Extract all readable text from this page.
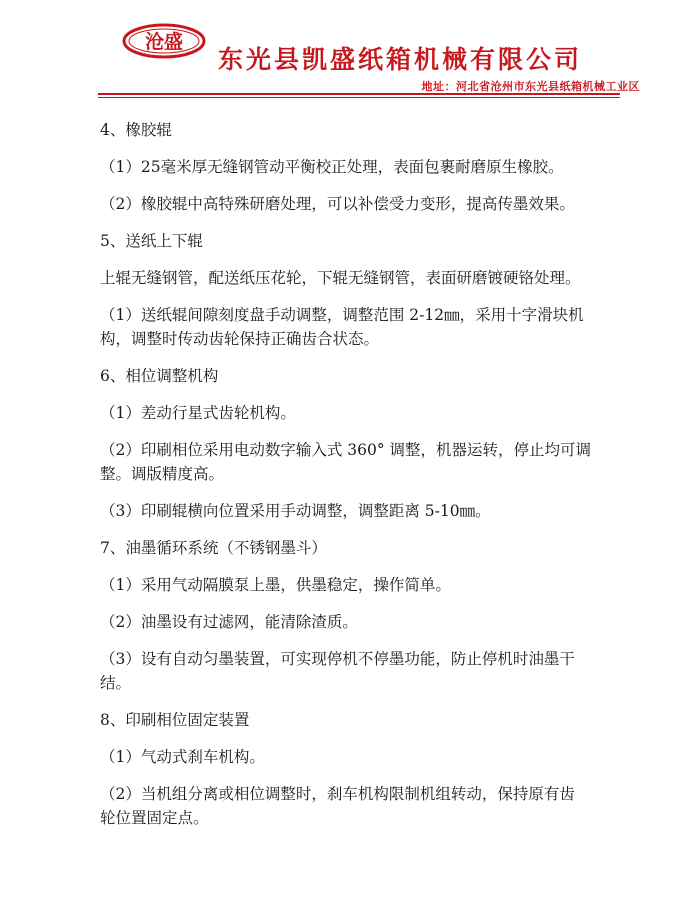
沧盛
东光县凯盛纸箱机械有限公司
地址：河北省沧州市东光县纸箱机械工业区

4、橡胶辊

（1）25毫米厚无缝钢管动平衡校正处理，表面包裹耐磨原生橡胶。

（2）橡胶辊中高特殊研磨处理，可以补偿受力变形，提高传墨效果。

5、送纸上下辊

上辊无缝钢管，配送纸压花轮，下辊无缝钢管，表面研磨镀硬铬处理。

（1）送纸辊间隙刻度盘手动调整，调整范围 2-12㎜，采用十字滑块机

构，调整时传动齿轮保持正确齿合状态。

6、相位调整机构

（1）差动行星式齿轮机构。

（2）印刷相位采用电动数字输入式 360° 调整，机器运转，停止均可调

整。调版精度高。

（3）印刷辊横向位置采用手动调整，调整距离 5-10㎜。

7、油墨循环系统（不锈钢墨斗）

（1）采用气动隔膜泵上墨，供墨稳定，操作简单。

（2）油墨设有过滤网，能清除渣质。

（3）设有自动匀墨装置，可实现停机不停墨功能，防止停机时油墨干

结。

8、印刷相位固定装置

（1）气动式刹车机构。

（2）当机组分离或相位调整时，刹车机构限制机组转动，保持原有齿

轮位置固定点。
